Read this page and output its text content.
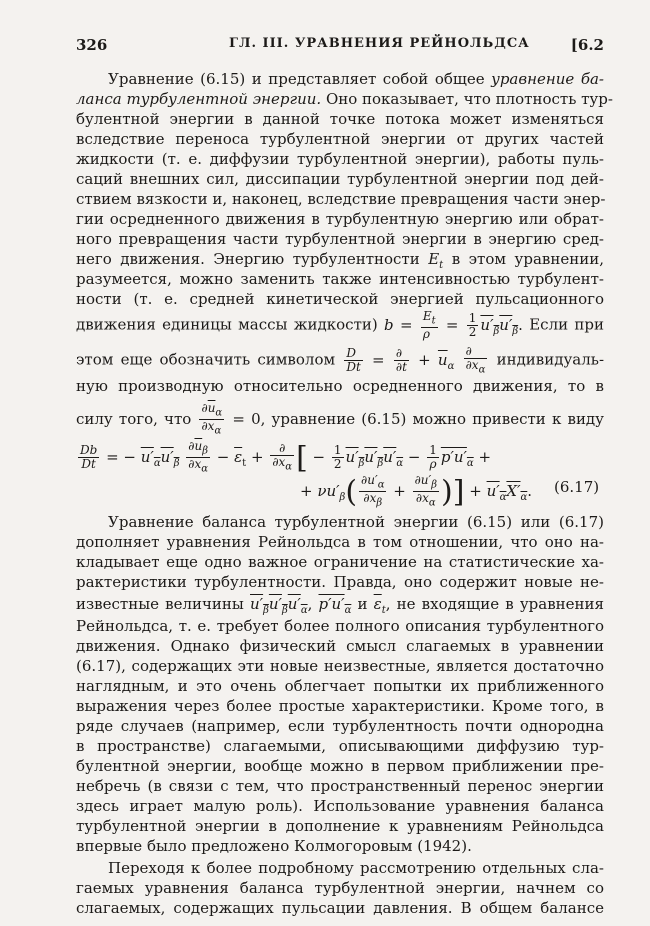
326	ГЛ. III. УРАВНЕНИЯ РЕЙНОЛЬДСА	[6.2
Уравнение (6.15) и представляет собой общее уравнение ба-
ланса турбулентной энергии. Оно показывает, что плотность тур-
булентной энергии в данной точке потока может изменяться
вследствие переноса турбулентной энергии от других частей
жидкости (т. е. диффузии турбулентной энергии), работы пуль-
саций внешних сил, диссипации турбулентной энергии под дей-
ствием вязкости и, наконец, вследствие превращения части энер-
гии осредненного движения в турбулентную энергию или обрат-
ного превращения части турбулентной энергии в энергию сред-
него движения. Энергию турбулентности $E_t$ в этом уравнении,
разумеется, можно заменить также интенсивностью турбулент-
ности (т. е. средней кинетической энергией пульсационного
движения единицы массы жидкости) $b = \frac{E_t}{\rho} = \frac{1}{2} u'_\beta u'_\beta$. Если при
этом еще обозначить символом $\frac{D}{Dt} = \frac{\partial}{\partial t} + \overline{u}_\alpha \frac{\partial}{\partial x_\alpha}$ индивидуаль-
ную производную относительно осредненного движения, то в
силу того, что $\frac{\partial\overline{u}_\alpha}{\partial x_\alpha} = 0$, уравнение (6.15) можно привести к виду
$\frac{Db}{Dt}$ = − $u'_\alpha u'_\beta \frac{\partial\overline{u}_\beta}{\partial x_\alpha} - \overline{\varepsilon}_t + \frac{\partial}{\partial x_\alpha}$ [ − $\frac{1}{2} u'_\beta u'_\beta u'_\alpha - \frac{1}{\rho} p'u'_\alpha$ +
+ $\nu u'_\beta( \frac{\partial u'_\alpha}{\partial x_\beta} + \frac{\partial u'_\beta}{\partial x_\alpha}$ )] + $u'_\alpha X'_\alpha$. (6.17)
Уравнение баланса турбулентной энергии (6.15) или (6.17)
дополняет уравнения Рейнольдса в том отношении, что оно на-
кладывает еще одно важное ограничение на статистические ха-
рактеристики турбулентности. Правда, оно содержит новые не-
известные величины $u'_\beta u'_\beta u'_\alpha$, $p'u'_\alpha$ и $\overline{\varepsilon}_t$, не входящие в уравнения
Рейнольдса, т. е. требует более полного описания турбулентного
движения. Однако физический смысл слагаемых в уравнении
(6.17), содержащих эти новые неизвестные, является достаточно
наглядным, и это очень облегчает попытки их приближенного
выражения через более простые характеристики. Кроме того, в
ряде случаев (например, если турбулентность почти однородна
в пространстве) слагаемыми, описывающими диффузию тур-
булентной энергии, вообще можно в первом приближении пре-
небречь (в связи с тем, что пространственный перенос энергии
здесь играет малую роль). Использование уравнения баланса
турбулентной энергии в дополнение к уравнениям Рейнольдса
впервые было предложено Колмогоровым (1942).
Переходя к более подробному рассмотрению отдельных сла-
гаемых уравнения баланса турбулентной энергии, начнем со
слагаемых, содержащих пульсации давления. В общем балансе
